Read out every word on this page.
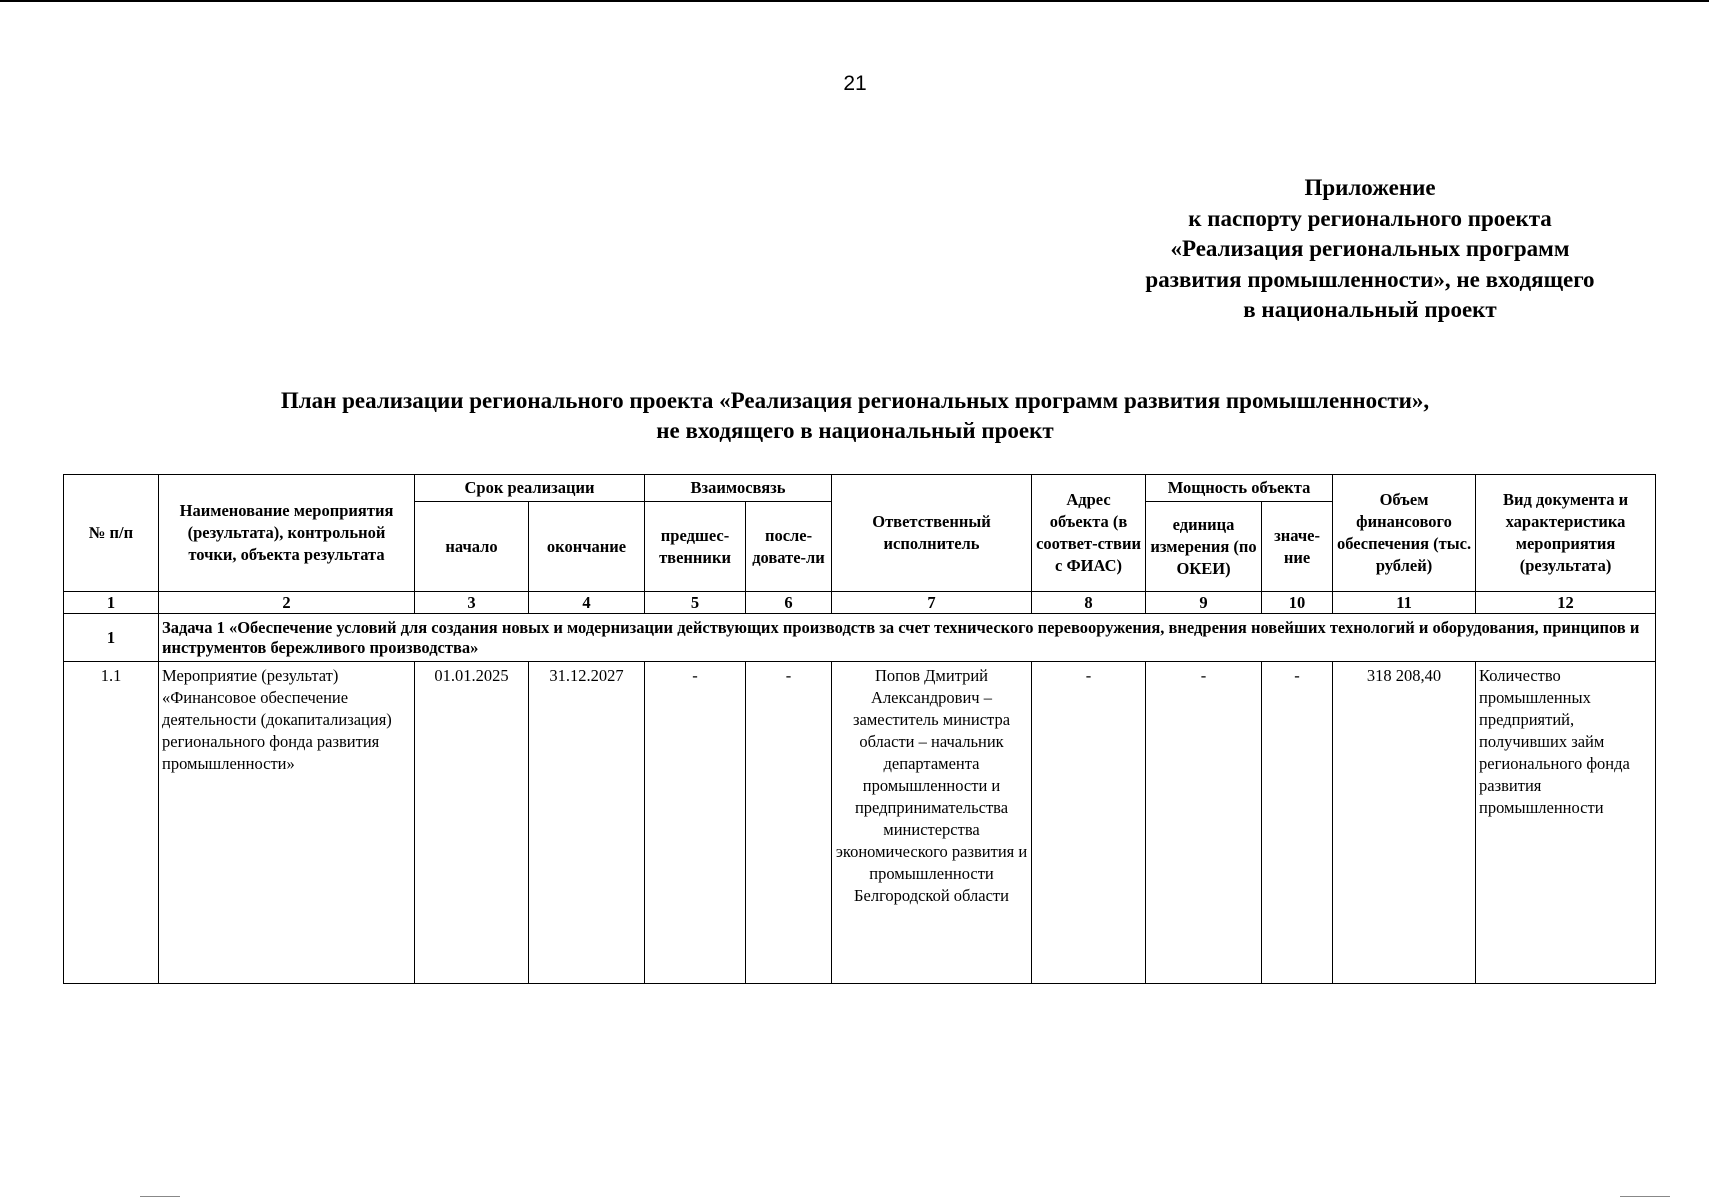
21
Приложение
к паспорту регионального проекта
«Реализация региональных программ
развития промышленности», не входящего
в национальный проект
План реализации регионального проекта «Реализация региональных программ развития промышленности»,
не входящего в национальный проект
№ п/п	Наименование мероприятия (результата), контрольной точки, объекта результата	Срок реализации		Взаимосвязь		Ответственный исполнитель	Адрес объекта (в соответ-ствии с ФИАС)	Мощность объекта		Объем финансового обеспечения (тыс. рублей)	Вид документа и характеристика мероприятия (результата)
		начало	окончание	предшес-твенники	после-довате-ли			единица измерения (по ОКЕИ)	значе-ние		
1	2	3	4	5	6	7	8	9	10	11	12
1	Задача 1 «Обеспечение условий для создания новых и модернизации действующих производств за счет технического перевооружения, внедрения новейших технологий и оборудования, принципов и инструментов бережливого производства»										
1.1	Мероприятие (результат) «Финансовое обеспечение деятельности (докапитализация) регионального фонда развития промышленности»	01.01.2025	31.12.2027	-	-	Попов Дмитрий Александрович – заместитель министра области – начальник департамента промышленности и предпринимательства министерства экономического развития и промышленности Белгородской области	-	-	-	318 208,40	Количество промышленных предприятий, получивших займ регионального фонда развития промышленности
